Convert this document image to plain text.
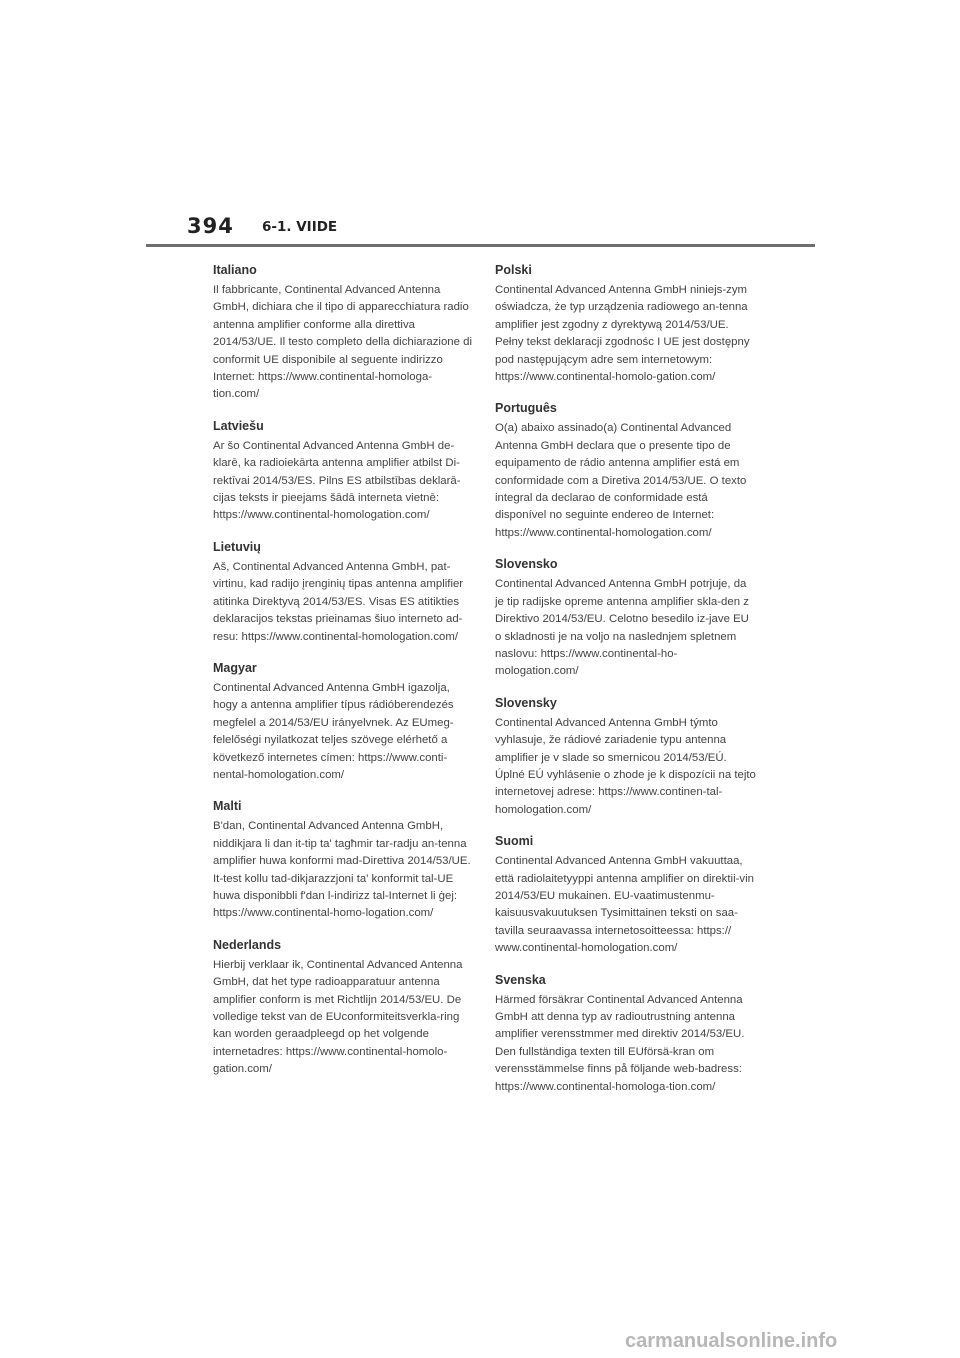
394 6-1. VIIDE
Italiano

Il fabbricante, Continental Advanced Antenna GmbH, dichiara che il tipo di apparecchiatura radio antenna amplifier conforme alla direttiva 2014/53/UE. Il testo completo della dichiarazione di conformit UE disponibile al seguente indirizzo Internet: https://www.continental-homologa-tion.com/

Latviešu

Ar šo Continental Advanced Antenna GmbH de-klarē, ka radioiekārta antenna amplifier atbilst Di-rektīvai 2014/53/ES. Pilns ES atbilstības deklarā-cijas teksts ir pieejams šādā interneta vietnē: https://www.continental-homologation.com/

Lietuvių

Aš, Continental Advanced Antenna GmbH, pat-virtinu, kad radijo įrenginių tipas antenna amplifier atitinka Direktyvą 2014/53/ES. Visas ES atitikties deklaracijos tekstas prieinamas šiuo interneto ad-resu: https://www.continental-homologation.com/

Magyar

Continental Advanced Antenna GmbH igazolja, hogy a antenna amplifier típus rádióberendezés megfelel a 2014/53/EU irányelvnek. Az EUmeg-felelőségi nyilatkozat teljes szövege elérhető a következő internetes címen: https://www.conti-nental-homologation.com/

Malti

B'dan, Continental Advanced Antenna GmbH, niddikjara li dan it-tip ta' tagħmir tar-radju an-tenna amplifier huwa konformi mad-Direttiva 2014/53/UE. It-test kollu tad-dikjarazzjoni ta' konformit tal-UE huwa disponibbli f'dan l-indirizz tal-Internet li ġej: https://www.continental-homo-logation.com/

Nederlands

Hierbij verklaar ik, Continental Advanced Antenna GmbH, dat het type radioapparatuur antenna amplifier conform is met Richtlijn 2014/53/EU. De volledige tekst van de EUconformiteitsverkla-ring kan worden geraadpleegd op het volgende internetadres: https://www.continental-homolo-gation.com/

Polski

Continental Advanced Antenna GmbH niniejs-zym oświadcza, że typ urządzenia radiowego an-tenna amplifier jest zgodny z dyrektywą 2014/53/UE. Pełny tekst deklaracji zgodnośc I UE jest dostępny pod następującym adre sem internetowym: https://www.continental-homolo-gation.com/

Português

O(a) abaixo assinado(a) Continental Advanced Antenna GmbH declara que o presente tipo de equipamento de rádio antenna amplifier está em conformidade com a Diretiva 2014/53/UE. O texto integral da declarao de conformidade está disponível no seguinte endereo de Internet: https://www.continental-homologation.com/

Slovensko

Continental Advanced Antenna GmbH potrjuje, da je tip radijske opreme antenna amplifier skla-den z Direktivo 2014/53/EU. Celotno besedilo iz-jave EU o skladnosti je na voljo na naslednjem spletnem naslovu: https://www.continental-ho-mologation.com/

Slovensky

Continental Advanced Antenna GmbH týmto vyhlasuje, že rádiové zariadenie typu antenna amplifier je v slade so smernicou 2014/53/EÚ. Úplné EÚ vyhlásenie o zhode je k dispozícii na tejto internetovej adrese: https://www.continen-tal-homologation.com/

Suomi

Continental Advanced Antenna GmbH vakuuttaa, että radiolaitetyyppi antenna amplifier on direktii-vin 2014/53/EU mukainen. EU-vaatimustenmu-kaisuusvakuutuksen Tysimittainen teksti on saa-tavilla seuraavassa internetosoitteessa: https:// www.continental-homologation.com/

Svenska

Härmed försäkrar Continental Advanced Antenna GmbH att denna typ av radioutrustning antenna amplifier verensstmmer med direktiv 2014/53/EU. Den fullständiga texten till EUförsä-kran om verensstämmelse finns på följande web-badress: https://www.continental-homologa-tion.com/

carmanualsonline.info
